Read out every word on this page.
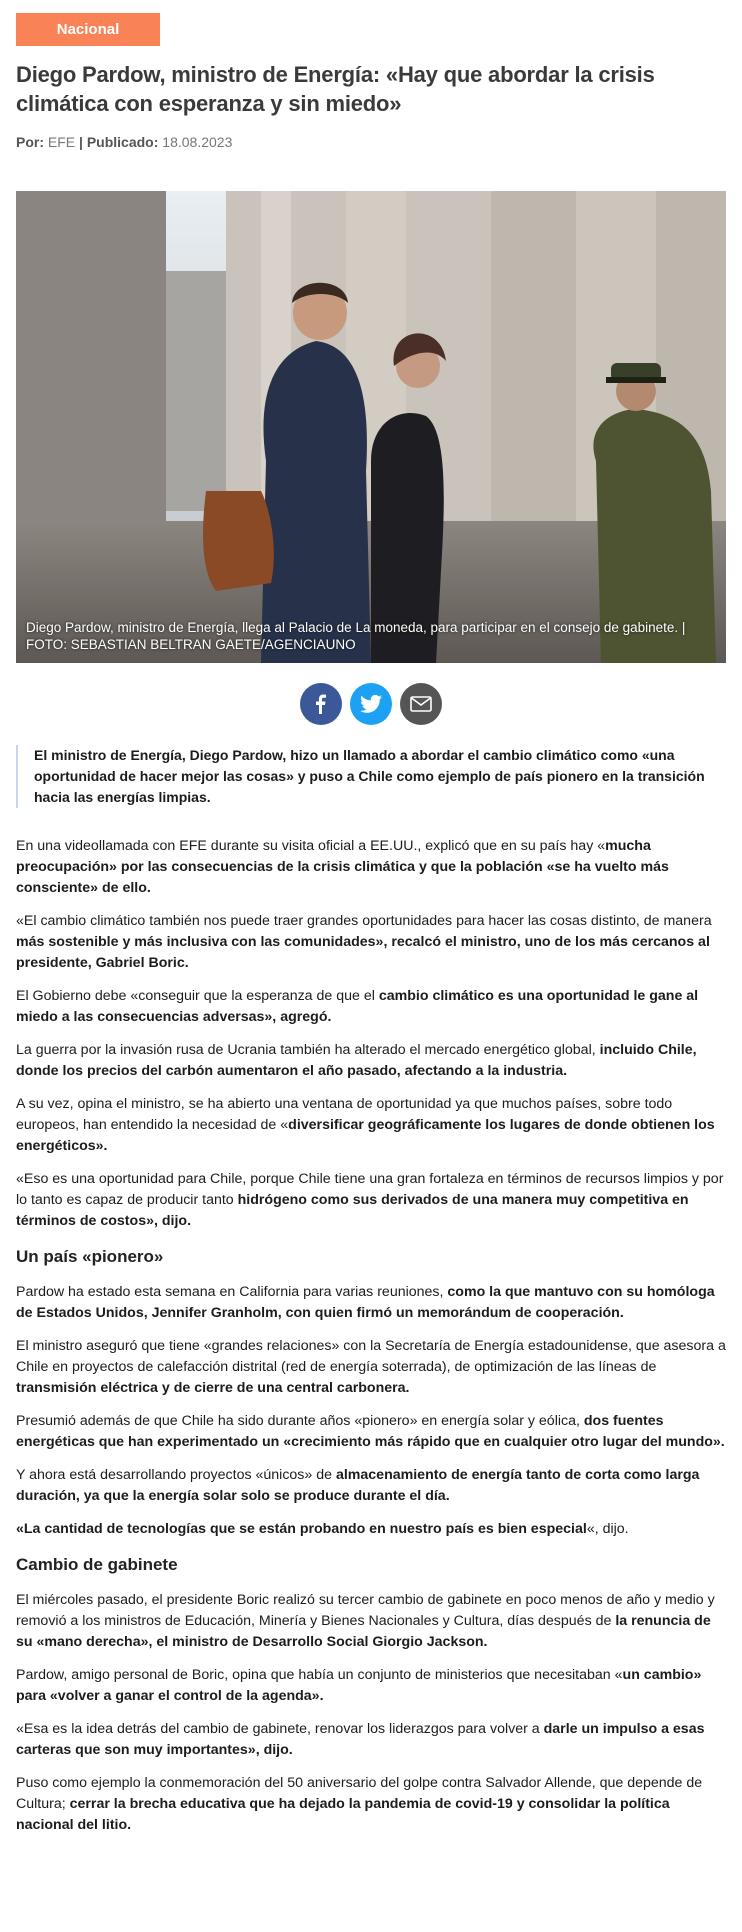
Nacional
Diego Pardow, ministro de Energía: «Hay que abordar la crisis climática con esperanza y sin miedo»
Por: EFE | Publicado: 18.08.2023
Diego Pardow, ministro de Energía, llega al Palacio de La moneda, para participar en el consejo de gabinete. | FOTO: SEBASTIAN BELTRAN GAETE/AGENCIAUNO

El ministro de Energía, Diego Pardow, hizo un llamado a abordar el cambio climático como «una oportunidad de hacer mejor las cosas» y puso a Chile como ejemplo de país pionero en la transición hacia las energías limpias.

En una videollamada con EFE durante su visita oficial a EE.UU., explicó que en su país hay «mucha preocupación» por las consecuencias de la crisis climática y que la población «se ha vuelto más consciente» de ello.

«El cambio climático también nos puede traer grandes oportunidades para hacer las cosas distinto, de manera más sostenible y más inclusiva con las comunidades», recalcó el ministro, uno de los más cercanos al presidente, Gabriel Boric.

El Gobierno debe «conseguir que la esperanza de que el cambio climático es una oportunidad le gane al miedo a las consecuencias adversas», agregó.

La guerra por la invasión rusa de Ucrania también ha alterado el mercado energético global, incluido Chile, donde los precios del carbón aumentaron el año pasado, afectando a la industria.

A su vez, opina el ministro, se ha abierto una ventana de oportunidad ya que muchos países, sobre todo europeos, han entendido la necesidad de «diversificar geográficamente los lugares de donde obtienen los energéticos».

«Eso es una oportunidad para Chile, porque Chile tiene una gran fortaleza en términos de recursos limpios y por lo tanto es capaz de producir tanto hidrógeno como sus derivados de una manera muy competitiva en términos de costos», dijo.

Un país «pionero»

Pardow ha estado esta semana en California para varias reuniones, como la que mantuvo con su homóloga de Estados Unidos, Jennifer Granholm, con quien firmó un memorándum de cooperación.

El ministro aseguró que tiene «grandes relaciones» con la Secretaría de Energía estadounidense, que asesora a Chile en proyectos de calefacción distrital (red de energía soterrada), de optimización de las líneas de transmisión eléctrica y de cierre de una central carbonera.

Presumió además de que Chile ha sido durante años «pionero» en energía solar y eólica, dos fuentes energéticas que han experimentado un «crecimiento más rápido que en cualquier otro lugar del mundo».

Y ahora está desarrollando proyectos «únicos» de almacenamiento de energía tanto de corta como larga duración, ya que la energía solar solo se produce durante el día.

«La cantidad de tecnologías que se están probando en nuestro país es bien especial«, dijo.

Cambio de gabinete

El miércoles pasado, el presidente Boric realizó su tercer cambio de gabinete en poco menos de año y medio y removió a los ministros de Educación, Minería y Bienes Nacionales y Cultura, días después de la renuncia de su «mano derecha», el ministro de Desarrollo Social Giorgio Jackson.

Pardow, amigo personal de Boric, opina que había un conjunto de ministerios que necesitaban «un cambio» para «volver a ganar el control de la agenda».

«Esa es la idea detrás del cambio de gabinete, renovar los liderazgos para volver a darle un impulso a esas carteras que son muy importantes», dijo.

Puso como ejemplo la conmemoración del 50 aniversario del golpe contra Salvador Allende, que depende de Cultura; cerrar la brecha educativa que ha dejado la pandemia de covid-19 y consolidar la política nacional del litio.
